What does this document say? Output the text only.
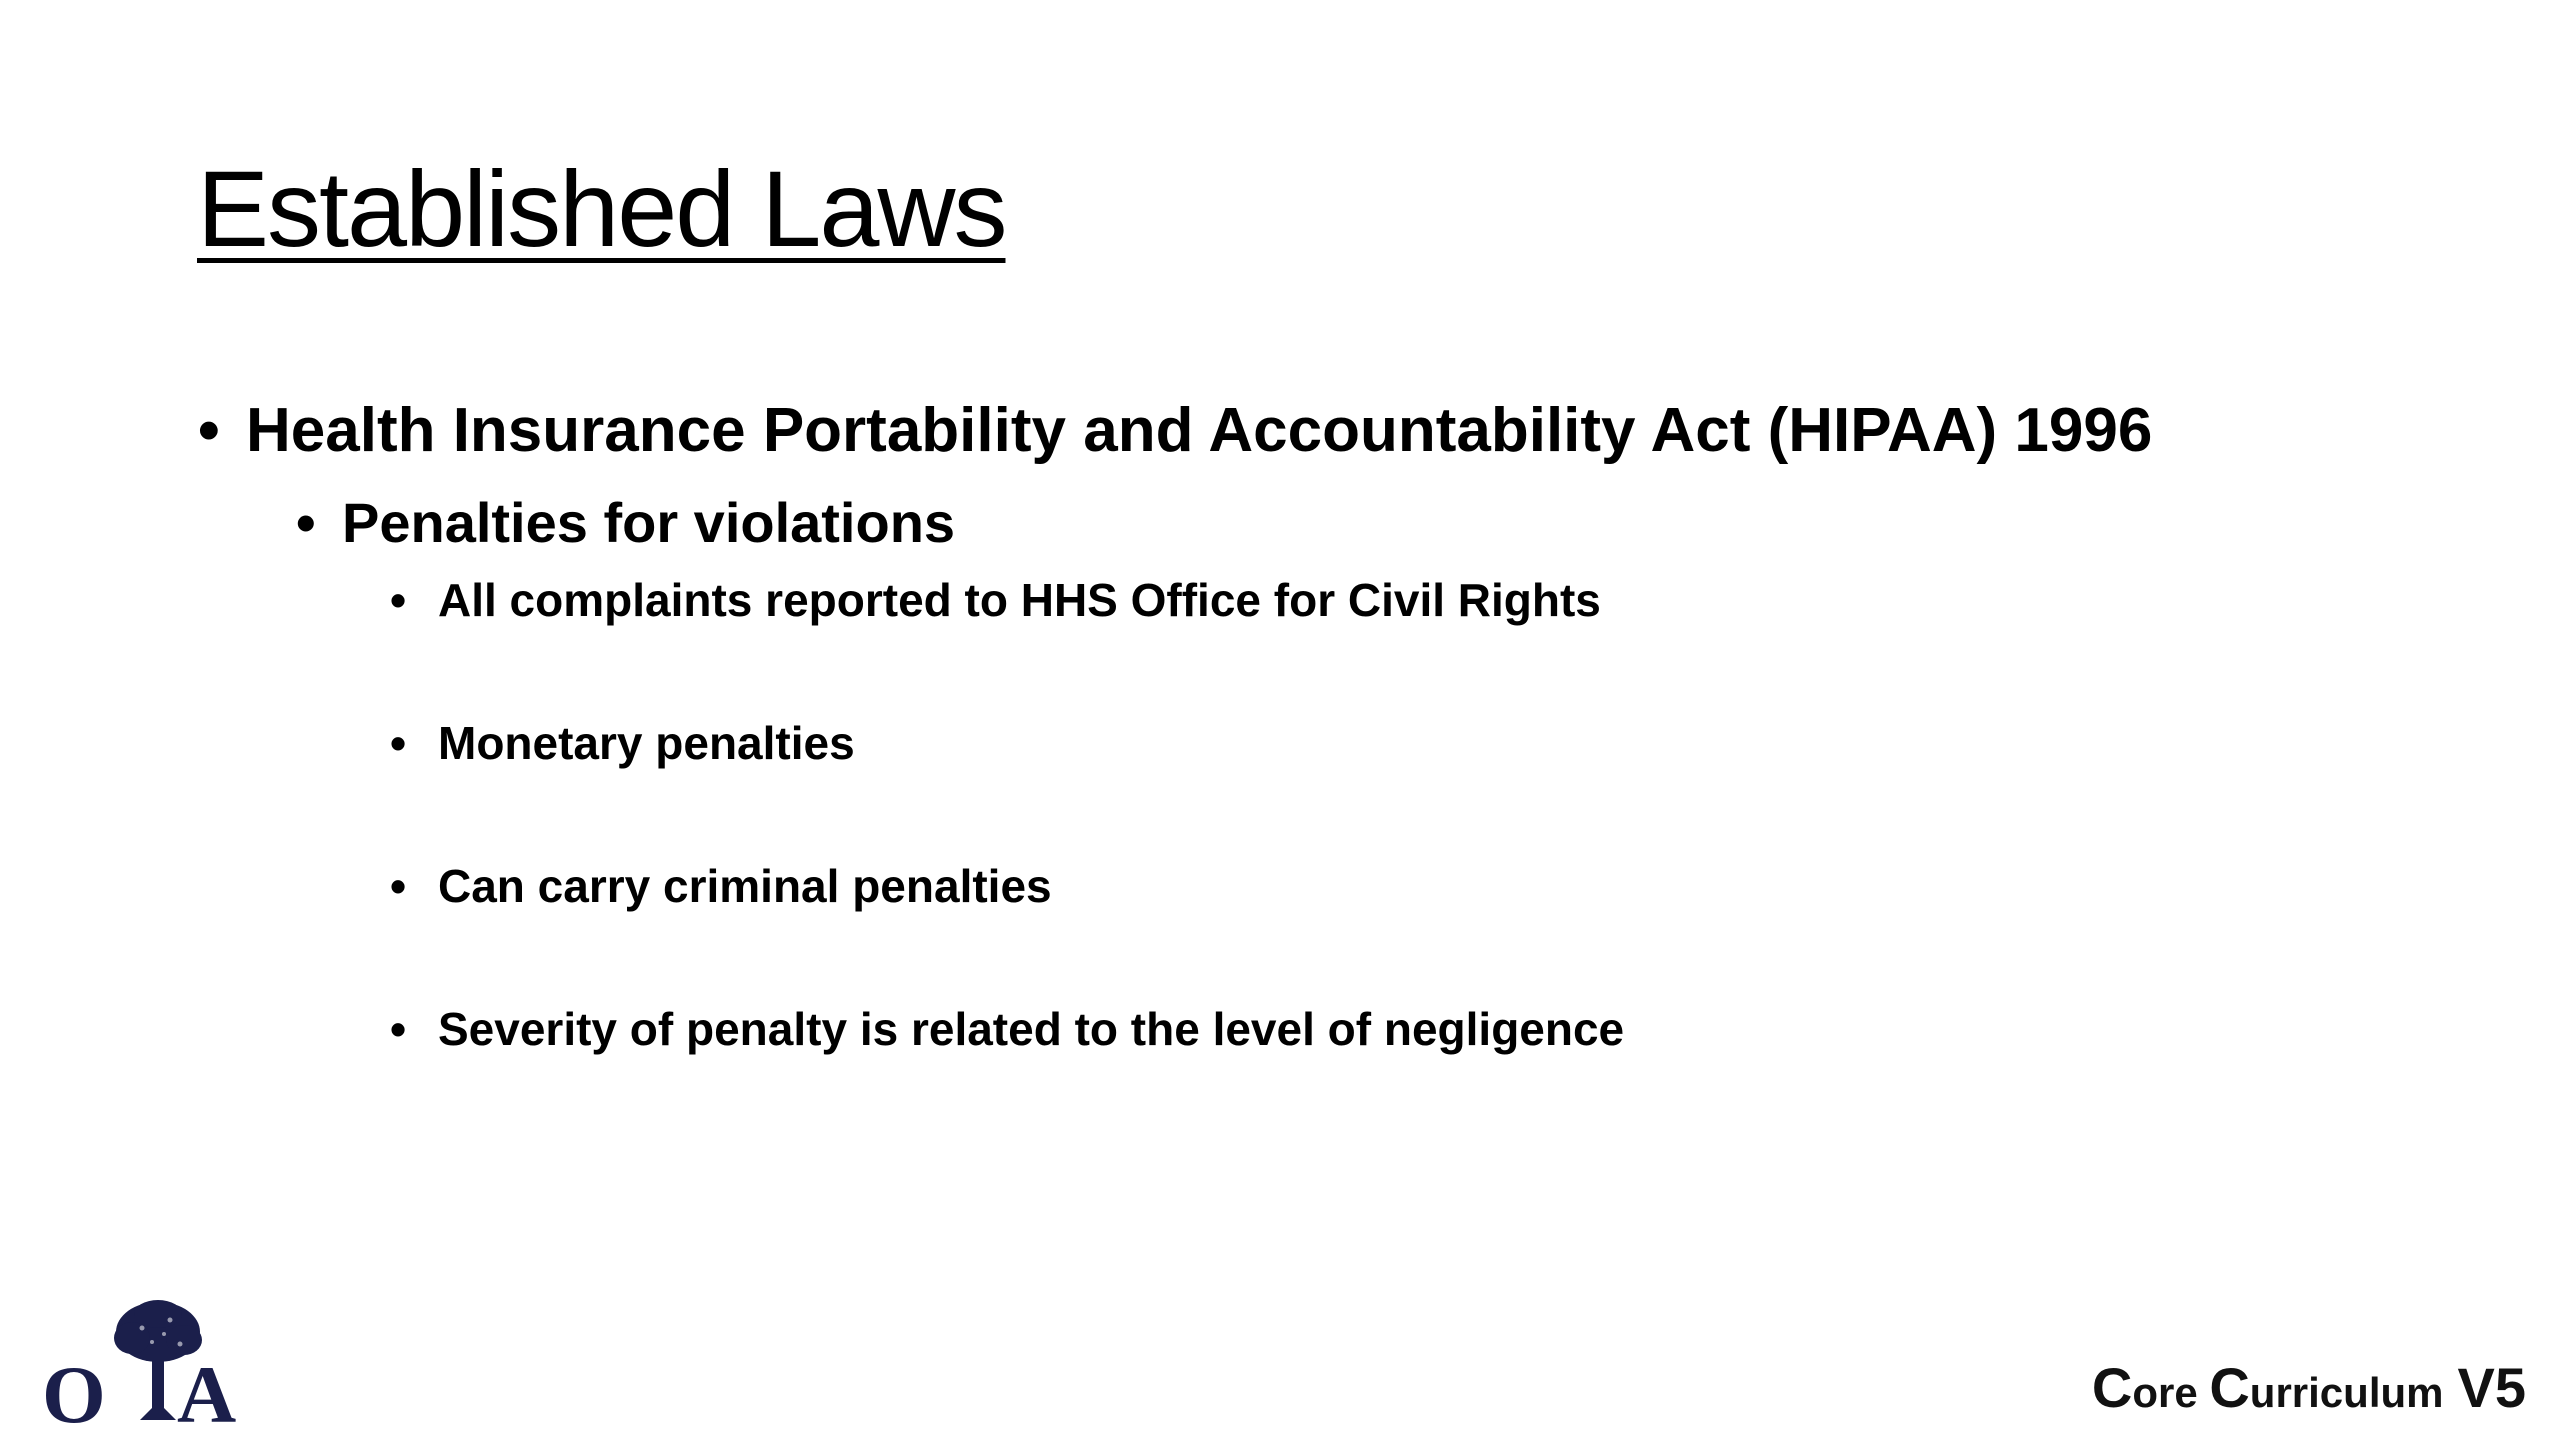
Established Laws
• Health Insurance Portability and Accountability Act (HIPAA) 1996
• Penalties for violations
• All complaints reported to HHS Office for Civil Rights
• Monetary penalties
• Can carry criminal penalties
• Severity of penalty is related to the level of negligence
O A	Core Curriculum V5
